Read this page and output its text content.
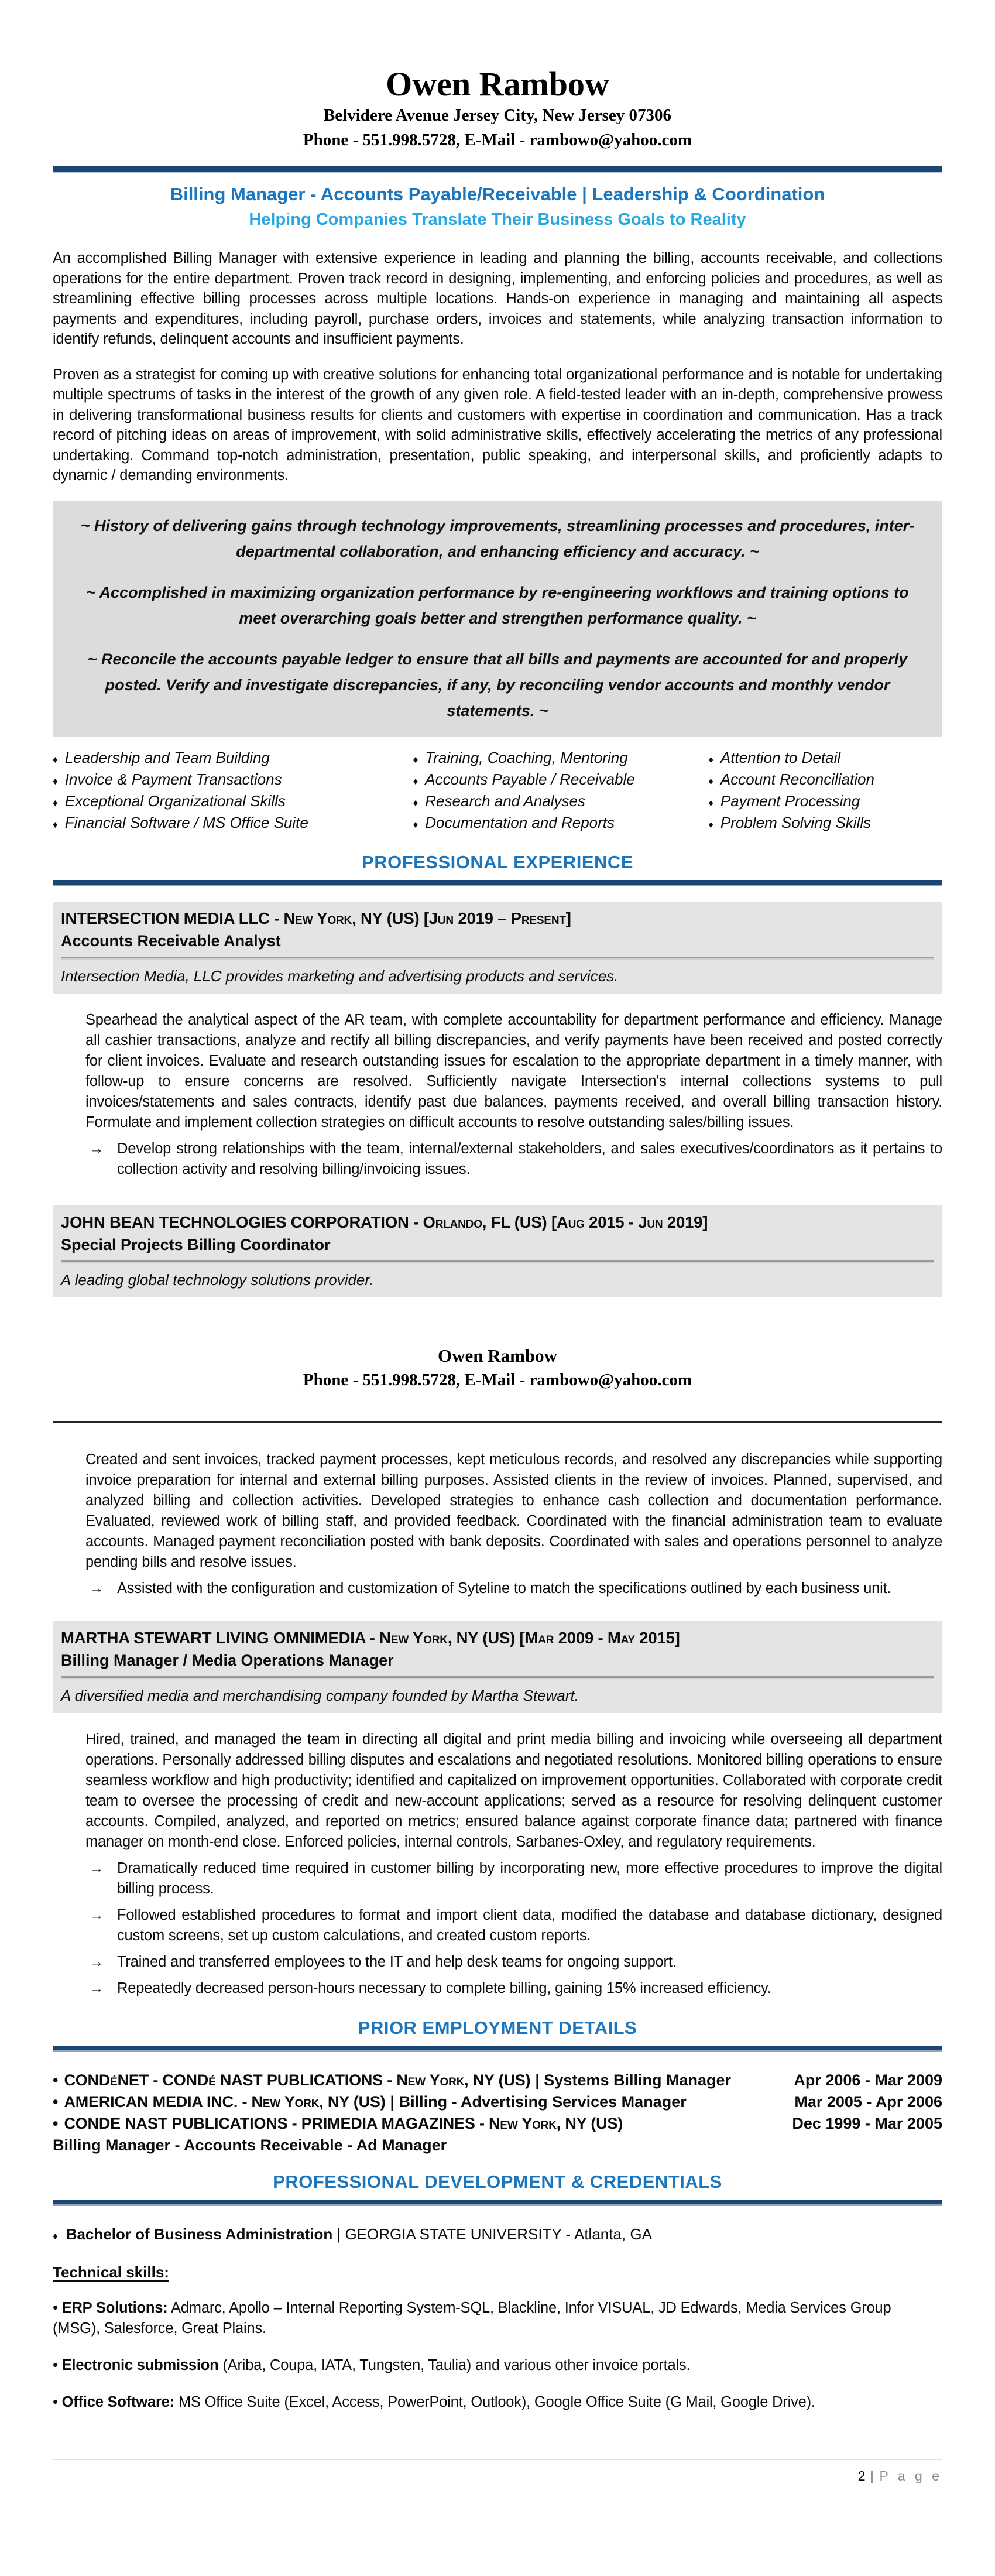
Owen Rambow
Belvidere Avenue Jersey City, New Jersey 07306
Phone - 551.998.5728, E-Mail - rambowo@yahoo.com
Billing Manager - Accounts Payable/Receivable | Leadership & Coordination
Helping Companies Translate Their Business Goals to Reality
An accomplished Billing Manager with extensive experience in leading and planning the billing, accounts receivable, and collections operations for the entire department. Proven track record in designing, implementing, and enforcing policies and procedures, as well as streamlining effective billing processes across multiple locations. Hands-on experience in managing and maintaining all aspects payments and expenditures, including payroll, purchase orders, invoices and statements, while analyzing transaction information to identify refunds, delinquent accounts and insufficient payments.
Proven as a strategist for coming up with creative solutions for enhancing total organizational performance and is notable for undertaking multiple spectrums of tasks in the interest of the growth of any given role. A field-tested leader with an in-depth, comprehensive prowess in delivering transformational business results for clients and customers with expertise in coordination and communication. Has a track record of pitching ideas on areas of improvement, with solid administrative skills, effectively accelerating the metrics of any professional undertaking. Command top-notch administration, presentation, public speaking, and interpersonal skills, and proficiently adapts to dynamic / demanding environments.
~ History of delivering gains through technology improvements, streamlining processes and procedures, inter-departmental collaboration, and enhancing efficiency and accuracy. ~
~ Accomplished in maximizing organization performance by re-engineering workflows and training options to meet overarching goals better and strengthen performance quality. ~
~ Reconcile the accounts payable ledger to ensure that all bills and payments are accounted for and properly posted. Verify and investigate discrepancies, if any, by reconciling vendor accounts and monthly vendor statements. ~
♦ Leadership and Team Building	♦ Training, Coaching, Mentoring	♦ Attention to Detail
♦ Invoice & Payment Transactions	♦ Accounts Payable / Receivable	♦ Account Reconciliation
♦ Exceptional Organizational Skills	♦ Research and Analyses	♦ Payment Processing
♦ Financial Software / MS Office Suite	♦ Documentation and Reports	♦ Problem Solving Skills
PROFESSIONAL EXPERIENCE
INTERSECTION MEDIA LLC - New York, NY (US) [Jun 2019 – Present]
Accounts Receivable Analyst
Intersection Media, LLC provides marketing and advertising products and services.
Spearhead the analytical aspect of the AR team, with complete accountability for department performance and efficiency. Manage all cashier transactions, analyze and rectify all billing discrepancies, and verify payments have been received and posted correctly for client invoices. Evaluate and research outstanding issues for escalation to the appropriate department in a timely manner, with follow-up to ensure concerns are resolved. Sufficiently navigate Intersection's internal collections systems to pull invoices/statements and sales contracts, identify past due balances, payments received, and overall billing transaction history. Formulate and implement collection strategies on difficult accounts to resolve outstanding sales/billing issues.
→ Develop strong relationships with the team, internal/external stakeholders, and sales executives/coordinators as it pertains to collection activity and resolving billing/invoicing issues.
JOHN BEAN TECHNOLOGIES CORPORATION - Orlando, FL (US) [Aug 2015 - Jun 2019]
Special Projects Billing Coordinator
A leading global technology solutions provider.
Owen Rambow
Phone - 551.998.5728, E-Mail - rambowo@yahoo.com
Created and sent invoices, tracked payment processes, kept meticulous records, and resolved any discrepancies while supporting invoice preparation for internal and external billing purposes. Assisted clients in the review of invoices. Planned, supervised, and analyzed billing and collection activities. Developed strategies to enhance cash collection and documentation performance. Evaluated, reviewed work of billing staff, and provided feedback. Coordinated with the financial administration team to evaluate accounts. Managed payment reconciliation posted with bank deposits. Coordinated with sales and operations personnel to analyze pending bills and resolve issues.
→ Assisted with the configuration and customization of Syteline to match the specifications outlined by each business unit.
MARTHA STEWART LIVING OMNIMEDIA - New York, NY (US) [Mar 2009 - May 2015]
Billing Manager / Media Operations Manager
A diversified media and merchandising company founded by Martha Stewart.
Hired, trained, and managed the team in directing all digital and print media billing and invoicing while overseeing all department operations. Personally addressed billing disputes and escalations and negotiated resolutions. Monitored billing operations to ensure seamless workflow and high productivity; identified and capitalized on improvement opportunities. Collaborated with corporate credit team to oversee the processing of credit and new-account applications; served as a resource for resolving delinquent customer accounts. Compiled, analyzed, and reported on metrics; ensured balance against corporate finance data; partnered with finance manager on month-end close. Enforced policies, internal controls, Sarbanes-Oxley, and regulatory requirements.
→ Dramatically reduced time required in customer billing by incorporating new, more effective procedures to improve the digital billing process.
→ Followed established procedures to format and import client data, modified the database and database dictionary, designed custom screens, set up custom calculations, and created custom reports.
→ Trained and transferred employees to the IT and help desk teams for ongoing support.
→ Repeatedly decreased person-hours necessary to complete billing, gaining 15% increased efficiency.
PRIOR EMPLOYMENT DETAILS
• CONDéNET - CONDé NAST PUBLICATIONS - New York, NY (US) | Systems Billing Manager	Apr 2006 - Mar 2009
• AMERICAN MEDIA INC. - New York, NY (US) | Billing - Advertising Services Manager	Mar 2005 - Apr 2006
• CONDE NAST PUBLICATIONS - PRIMEDIA MAGAZINES - New York, NY (US)	Dec 1999 - Mar 2005
Billing Manager - Accounts Receivable - Ad Manager
PROFESSIONAL DEVELOPMENT & CREDENTIALS
♦ Bachelor of Business Administration | GEORGIA STATE UNIVERSITY - Atlanta, GA
Technical skills:
• ERP Solutions: Admarc, Apollo – Internal Reporting System-SQL, Blackline, Infor VISUAL, JD Edwards, Media Services Group (MSG), Salesforce, Great Plains.
• Electronic submission (Ariba, Coupa, IATA, Tungsten, Taulia) and various other invoice portals.
• Office Software: MS Office Suite (Excel, Access, PowerPoint, Outlook), Google Office Suite (G Mail, Google Drive).
2 | P a g e
